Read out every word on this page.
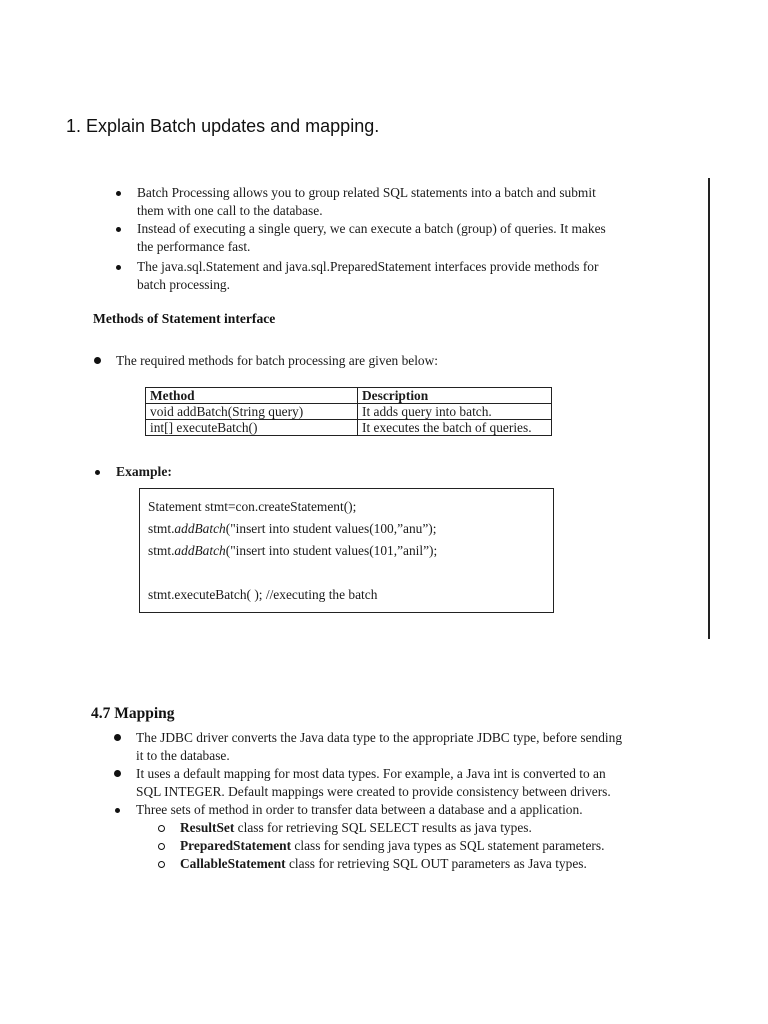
1. Explain Batch updates and mapping.
Batch Processing allows you to group related SQL statements into a batch and submit
them with one call to the database.
Instead of executing a single query, we can execute a batch (group) of queries. It makes
the performance fast.
The java.sql.Statement and java.sql.PreparedStatement interfaces provide methods for
batch processing.
Methods of Statement interface
The required methods for batch processing are given below:
Method	Description
void addBatch(String query)	It adds query into batch.
int[] executeBatch()	It executes the batch of queries.
Example:
Statement stmt=con.createStatement();
stmt.addBatch("insert into student values(100,”anu”);
stmt.addBatch("insert into student values(101,”anil”);
stmt.executeBatch( ); //executing the batch
4.7 Mapping
The JDBC driver converts the Java data type to the appropriate JDBC type, before sending
it to the database.
It uses a default mapping for most data types. For example, a Java int is converted to an
SQL INTEGER. Default mappings were created to provide consistency between drivers.
Three sets of method in order to transfer data between a database and a application.
ResultSet class for retrieving SQL SELECT results as java types.
PreparedStatement class for sending java types as SQL statement parameters.
CallableStatement class for retrieving SQL OUT parameters as Java types.
